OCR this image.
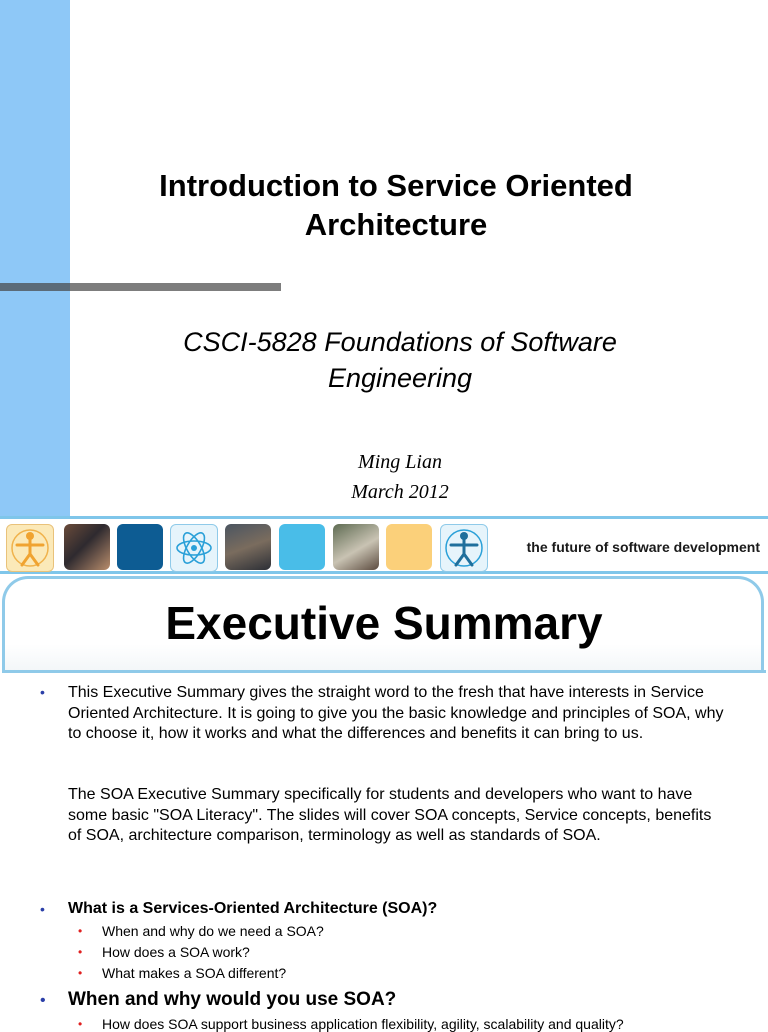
Introduction to Service Oriented
Architecture
CSCI-5828 Foundations of Software
Engineering
Ming Lian
March 2012
the future of software development
Executive Summary
• This Executive Summary gives the straight word to the fresh that have interests in Service Oriented Architecture. It is going to give you the basic knowledge and principles of SOA, why to choose it, how it works and what the differences and benefits it can bring to us.
The SOA Executive Summary specifically for students and developers who want to have some basic "SOA Literacy". The slides will cover SOA concepts, Service concepts, benefits of SOA, architecture comparison, terminology as well as standards of SOA.
• What is a Services-Oriented Architecture (SOA)?
• When and why do we need a SOA?
• How does a SOA work?
• What makes a SOA different?
• When and why would you use SOA?
• How does SOA support business application flexibility, agility, scalability and quality?
